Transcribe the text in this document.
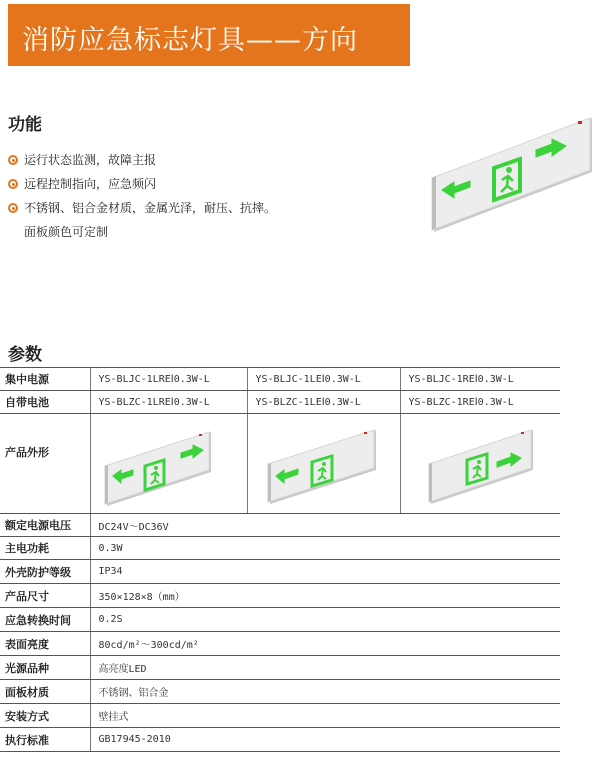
消防应急标志灯具——方向
功能
运行状态监测，故障主报
远程控制指向，应急频闪
不锈钢、铝合金材质，金属光泽，耐压、抗摔。
面板颜色可定制
参数
集中电源	YS-BLJC-1LREⅠ0.3W-L	YS-BLJC-1LEⅠ0.3W-L	YS-BLJC-1REⅠ0.3W-L
自带电池	YS-BLZC-1LREⅠ0.3W-L	YS-BLZC-1LEⅠ0.3W-L	YS-BLZC-1REⅠ0.3W-L
产品外形			
额定电源电压	DC24V～DC36V		
主电功耗	0.3W		
外壳防护等级	IP34		
产品尺寸	350×128×8（mm）		
应急转换时间	0.2S		
表面亮度	80cd/m²～300cd/m²		
光源品种	高亮度LED		
面板材质	不锈钢、铝合金		
安装方式	壁挂式		
执行标准	GB17945-2010		
